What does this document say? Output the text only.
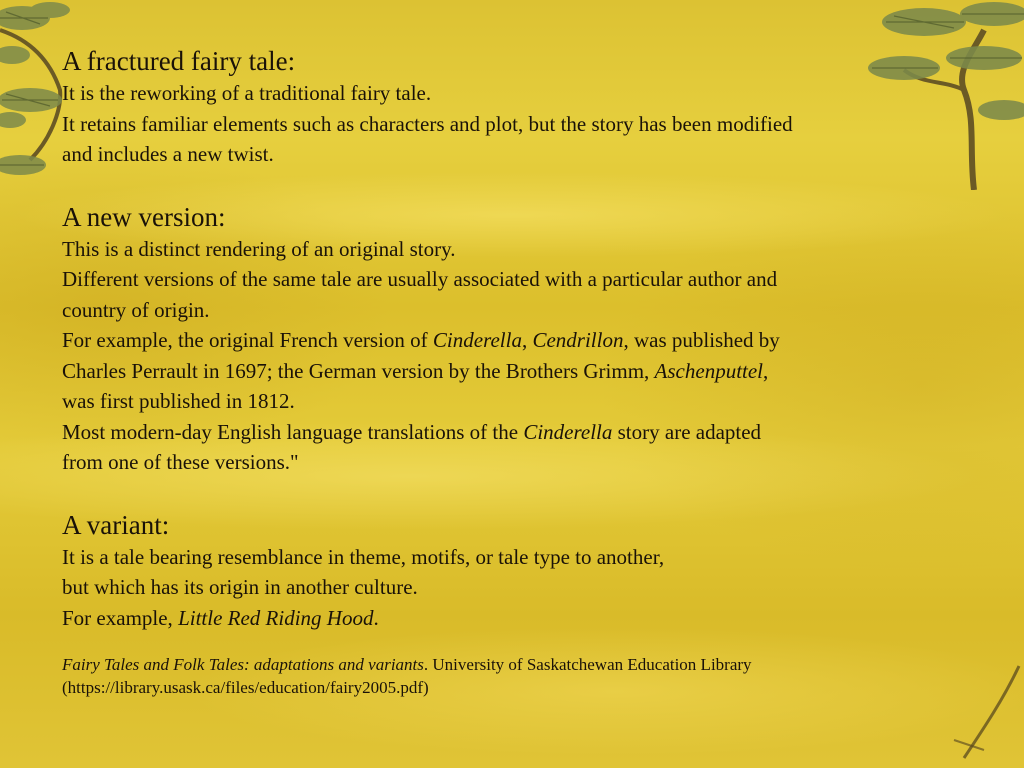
A fractured fairy tale:

It is the reworking of a traditional fairy tale.

It retains familiar elements such as characters and plot, but the story has been modified

and includes a new twist.

A new version:

This is a distinct rendering of an original story.

Different versions of the same tale are usually associated with a particular author and

country of origin.

For example, the original French version of Cinderella, Cendrillon, was published by

Charles Perrault in 1697; the German version by the Brothers Grimm, Aschenputtel,

was first published in 1812.

Most modern-day English language translations of the Cinderella story are adapted

from one of these versions."

A variant:

It is a tale bearing resemblance in theme, motifs, or tale type to another,

but which has its origin in another culture.

For example, Little Red Riding Hood.

Fairy Tales and Folk Tales: adaptations and variants. University of Saskatchewan Education Library

(https://library.usask.ca/files/education/fairy2005.pdf)
